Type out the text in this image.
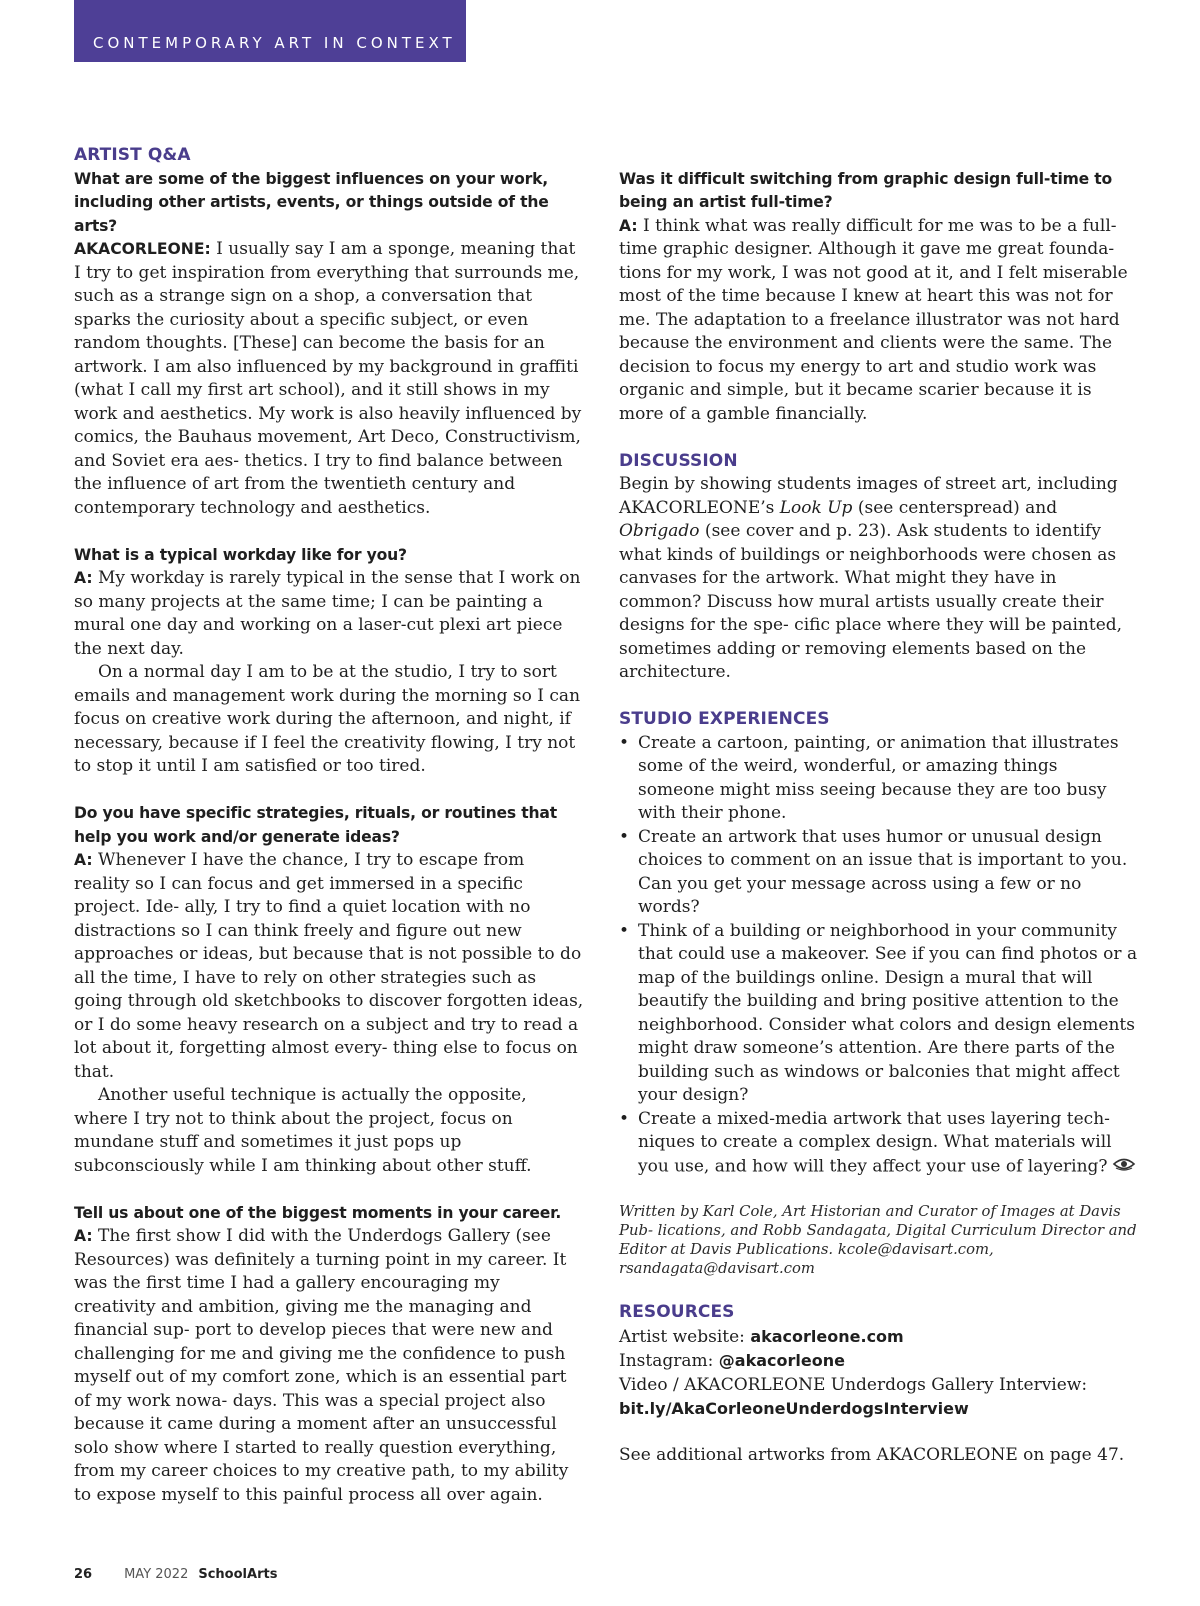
CONTEMPORARY ART IN CONTEXT
ARTIST Q&A
What are some of the biggest influences on your work, including other artists, events, or things outside of the arts?

AKACORLEONE: I usually say I am a sponge, meaning that I try to get inspiration from everything that surrounds me, such as a strange sign on a shop, a conversation that sparks the curiosity about a specific subject, or even random thoughts. [These] can become the basis for an artwork. I am also influenced by my background in graffiti (what I call my first art school), and it still shows in my work and aesthetics. My work is also heavily influenced by comics, the Bauhaus movement, Art Deco, Constructivism, and Soviet era aes- thetics. I try to find balance between the influence of art from the twentieth century and contemporary technology and aesthetics.

What is a typical workday like for you?

A: My workday is rarely typical in the sense that I work on so many projects at the same time; I can be painting a mural one day and working on a laser-cut plexi art piece the next day.

On a normal day I am to be at the studio, I try to sort emails and management work during the morning so I can focus on creative work during the afternoon, and night, if necessary, because if I feel the creativity flowing, I try not to stop it until I am satisfied or too tired.

Do you have specific strategies, rituals, or routines that help you work and/or generate ideas?

A: Whenever I have the chance, I try to escape from reality so I can focus and get immersed in a specific project. Ide- ally, I try to find a quiet location with no distractions so I can think freely and figure out new approaches or ideas, but because that is not possible to do all the time, I have to rely on other strategies such as going through old sketchbooks to discover forgotten ideas, or I do some heavy research on a subject and try to read a lot about it, forgetting almost every- thing else to focus on that.

Another useful technique is actually the opposite, where I try not to think about the project, focus on mundane stuff and sometimes it just pops up subconsciously while I am thinking about other stuff.

Tell us about one of the biggest moments in your career.

A: The first show I did with the Underdogs Gallery (see Resources) was definitely a turning point in my career. It was the first time I had a gallery encouraging my creativity and ambition, giving me the managing and financial sup- port to develop pieces that were new and challenging for me and giving me the confidence to push myself out of my comfort zone, which is an essential part of my work nowa- days. This was a special project also because it came during a moment after an unsuccessful solo show where I started to really question everything, from my career choices to my creative path, to my ability to expose myself to this painful process all over again.

Was it difficult switching from graphic design full-time to being an artist full-time?

A: I think what was really difficult for me was to be a full- time graphic designer. Although it gave me great founda- tions for my work, I was not good at it, and I felt miserable most of the time because I knew at heart this was not for me. The adaptation to a freelance illustrator was not hard because the environment and clients were the same. The decision to focus my energy to art and studio work was organic and simple, but it became scarier because it is more of a gamble financially.

DISCUSSION

Begin by showing students images of street art, including AKACORLEONE’s Look Up (see centerspread) and Obrigado (see cover and p. 23). Ask students to identify what kinds of buildings or neighborhoods were chosen as canvases for the artwork. What might they have in common? Discuss how mural artists usually create their designs for the spe- cific place where they will be painted, sometimes adding or removing elements based on the architecture.

STUDIO EXPERIENCES
• Create a cartoon, painting, or animation that illustrates some of the weird, wonderful, or amazing things someone might miss seeing because they are too busy with their phone.
• Create an artwork that uses humor or unusual design choices to comment on an issue that is important to you. Can you get your message across using a few or no words?
• Think of a building or neighborhood in your community that could use a makeover. See if you can find photos or a map of the buildings online. Design a mural that will beautify the building and bring positive attention to the neighborhood. Consider what colors and design elements might draw someone’s attention. Are there parts of the building such as windows or balconies that might affect your design?
• Create a mixed-media artwork that uses layering tech- niques to create a complex design. What materials will you use, and how will they affect your use of layering?

Written by Karl Cole, Art Historian and Curator of Images at Davis Pub- lications, and Robb Sandagata, Digital Curriculum Director and Editor at Davis Publications. kcole@davisart.com, rsandagata@davisart.com

RESOURCES

Artist website: akacorleone.com

Instagram: @akacorleone

Video / AKACORLEONE Underdogs Gallery Interview:

bit.ly/AkaCorleoneUnderdogsInterview

See additional artworks from AKACORLEONE on page 47.

26 MAY 2022 SchoolArts
